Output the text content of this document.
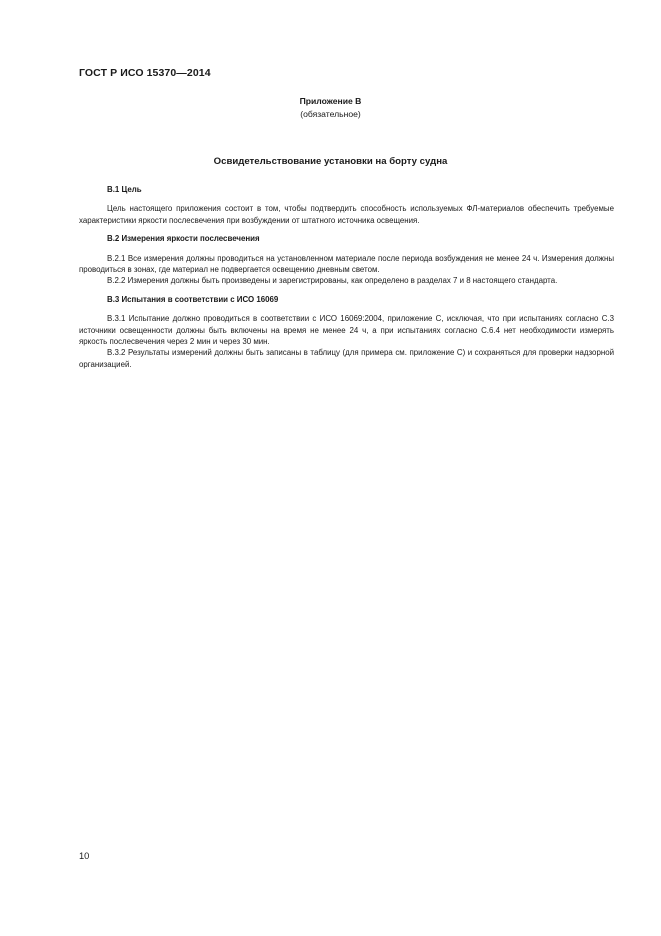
ГОСТ Р ИСО 15370—2014
Приложение В
(обязательное)
Освидетельствование установки на борту судна
В.1 Цель

Цель настоящего приложения состоит в том, чтобы подтвердить способность используемых ФЛ-материалов обеспечить требуемые характеристики яркости послесвечения при возбуждении от штатного источника освещения.

В.2 Измерения яркости послесвечения

В.2.1 Все измерения должны проводиться на установленном материале после периода возбуждения не менее 24 ч. Измерения должны проводиться в зонах, где материал не подвергается освещению дневным светом.

В.2.2 Измерения должны быть произведены и зарегистрированы, как определено в разделах 7 и 8 настоящего стандарта.

В.3 Испытания в соответствии с ИСО 16069

В.3.1 Испытание должно проводиться в соответствии с ИСО 16069:2004, приложение С, исключая, что при испытаниях согласно С.3 источники освещенности должны быть включены на время не менее 24 ч, а при испытаниях согласно С.6.4 нет необходимости измерять яркость послесвечения через 2 мин и через 30 мин.

В.3.2 Результаты измерений должны быть записаны в таблицу (для примера см. приложение С) и сохраняться для проверки надзорной организацией.

10
